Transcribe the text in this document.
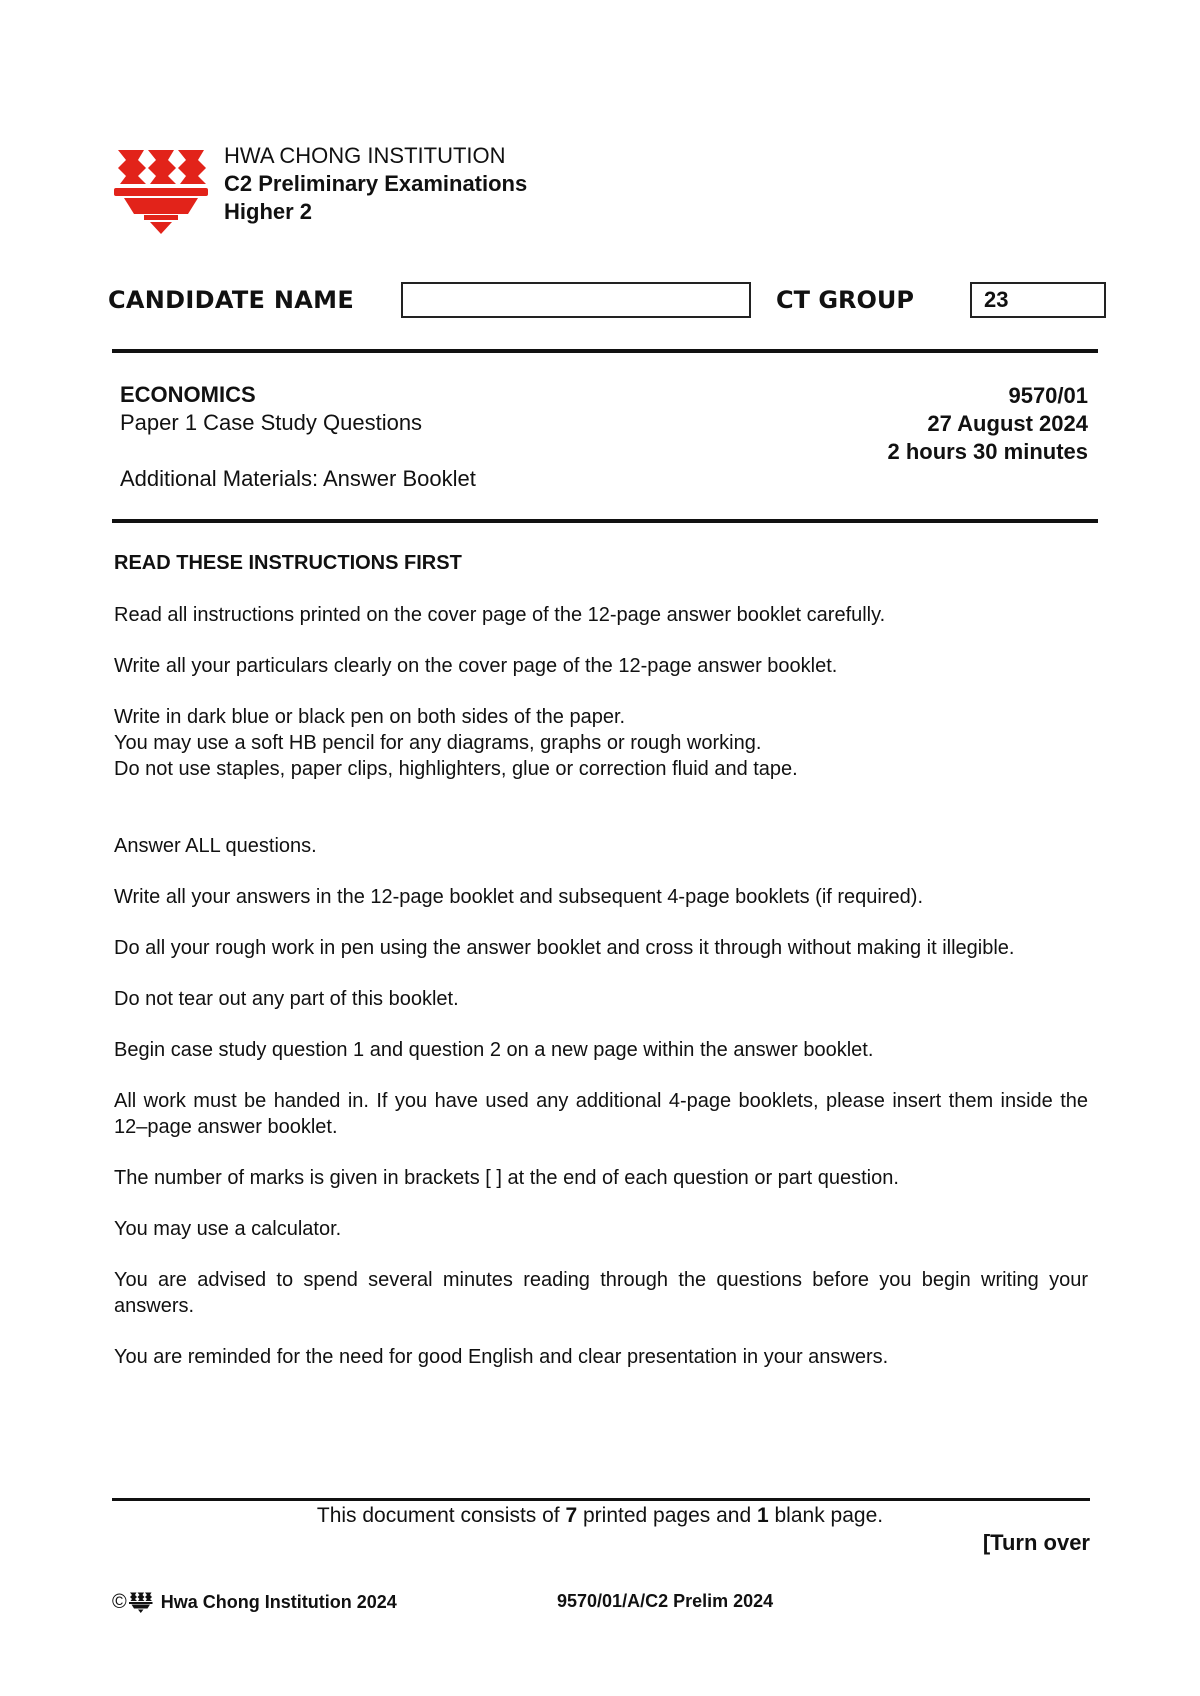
HWA CHONG INSTITUTION
C2 Preliminary Examinations
Higher 2
CANDIDATE NAME	CT GROUP	23
ECONOMICS
Paper 1 Case Study Questions
Additional Materials: Answer Booklet
9570/01
27 August 2024
2 hours 30 minutes
READ THESE INSTRUCTIONS FIRST
Read all instructions printed on the cover page of the 12-page answer booklet carefully.
Write all your particulars clearly on the cover page of the 12-page answer booklet.
Write in dark blue or black pen on both sides of the paper.
You may use a soft HB pencil for any diagrams, graphs or rough working.
Do not use staples, paper clips, highlighters, glue or correction fluid and tape.
Answer ALL questions.
Write all your answers in the 12-page booklet and subsequent 4-page booklets (if required).
Do all your rough work in pen using the answer booklet and cross it through without making it illegible.
Do not tear out any part of this booklet.
Begin case study question 1 and question 2 on a new page within the answer booklet.
All work must be handed in. If you have used any additional 4-page booklets, please insert them inside the 12–page answer booklet.
The number of marks is given in brackets [ ] at the end of each question or part question.
You may use a calculator.
You are advised to spend several minutes reading through the questions before you begin writing your answers.
You are reminded for the need for good English and clear presentation in your answers.
This document consists of 7 printed pages and 1 blank page.
[Turn over
© Hwa Chong Institution 2024	9570/01/A/C2 Prelim 2024
